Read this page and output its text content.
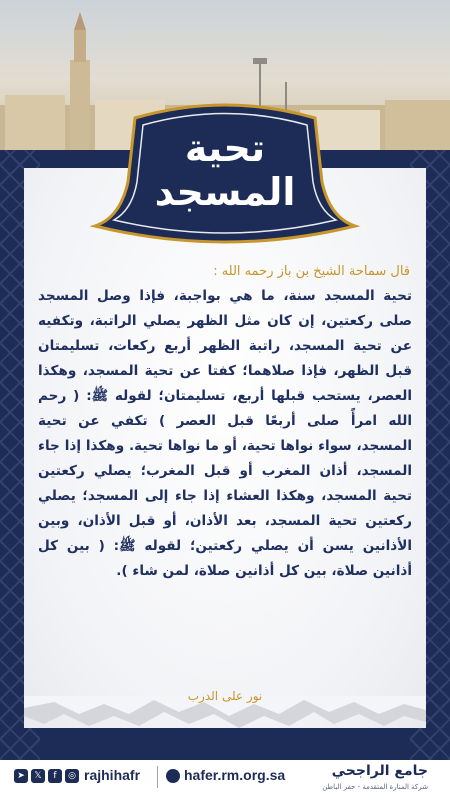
تحية
المسجد
قال سماحة الشيخ بن باز رحمه الله :

تحية المسجد سنة، ما هي بواجبة، فإذا وصل المسجد صلى ركعتين، إن كان مثل الظهر يصلي الراتبة، وتكفيه عن تحية المسجد، راتبة الظهر أربع ركعات، تسليمتان قبل الظهر، فإذا صلاهما؛ كفتا عن تحية المسجد، وهكذا العصر، يستحب قبلها أربع، تسليمتان؛ لقوله ﷺ: ( رحم الله امرأً صلى أربعًا قبل العصر ) تكفي عن تحية المسجد، سواء نواها تحية، أو ما نواها تحية. وهكذا إذا جاء المسجد، أذان المغرب أو قبل المغرب؛ يصلي ركعتين تحية المسجد، وهكذا العشاء إذا جاء إلى المسجد؛ يصلي ركعتين تحية المسجد، بعد الأذان، أو قبل الأذان، وبين الأذانين يسن أن يصلي ركعتين؛ لقوله ﷺ: ( بين كل أذانين صلاة، بين كل أذانين صلاة، لمن شاء ).

نور على الدرب
➤	𝕏	f	◎ rajhihafr	hafer.rm.org.sa	جامع الراجحي
شركة المنارة المتقدمة - حفر الباطن
